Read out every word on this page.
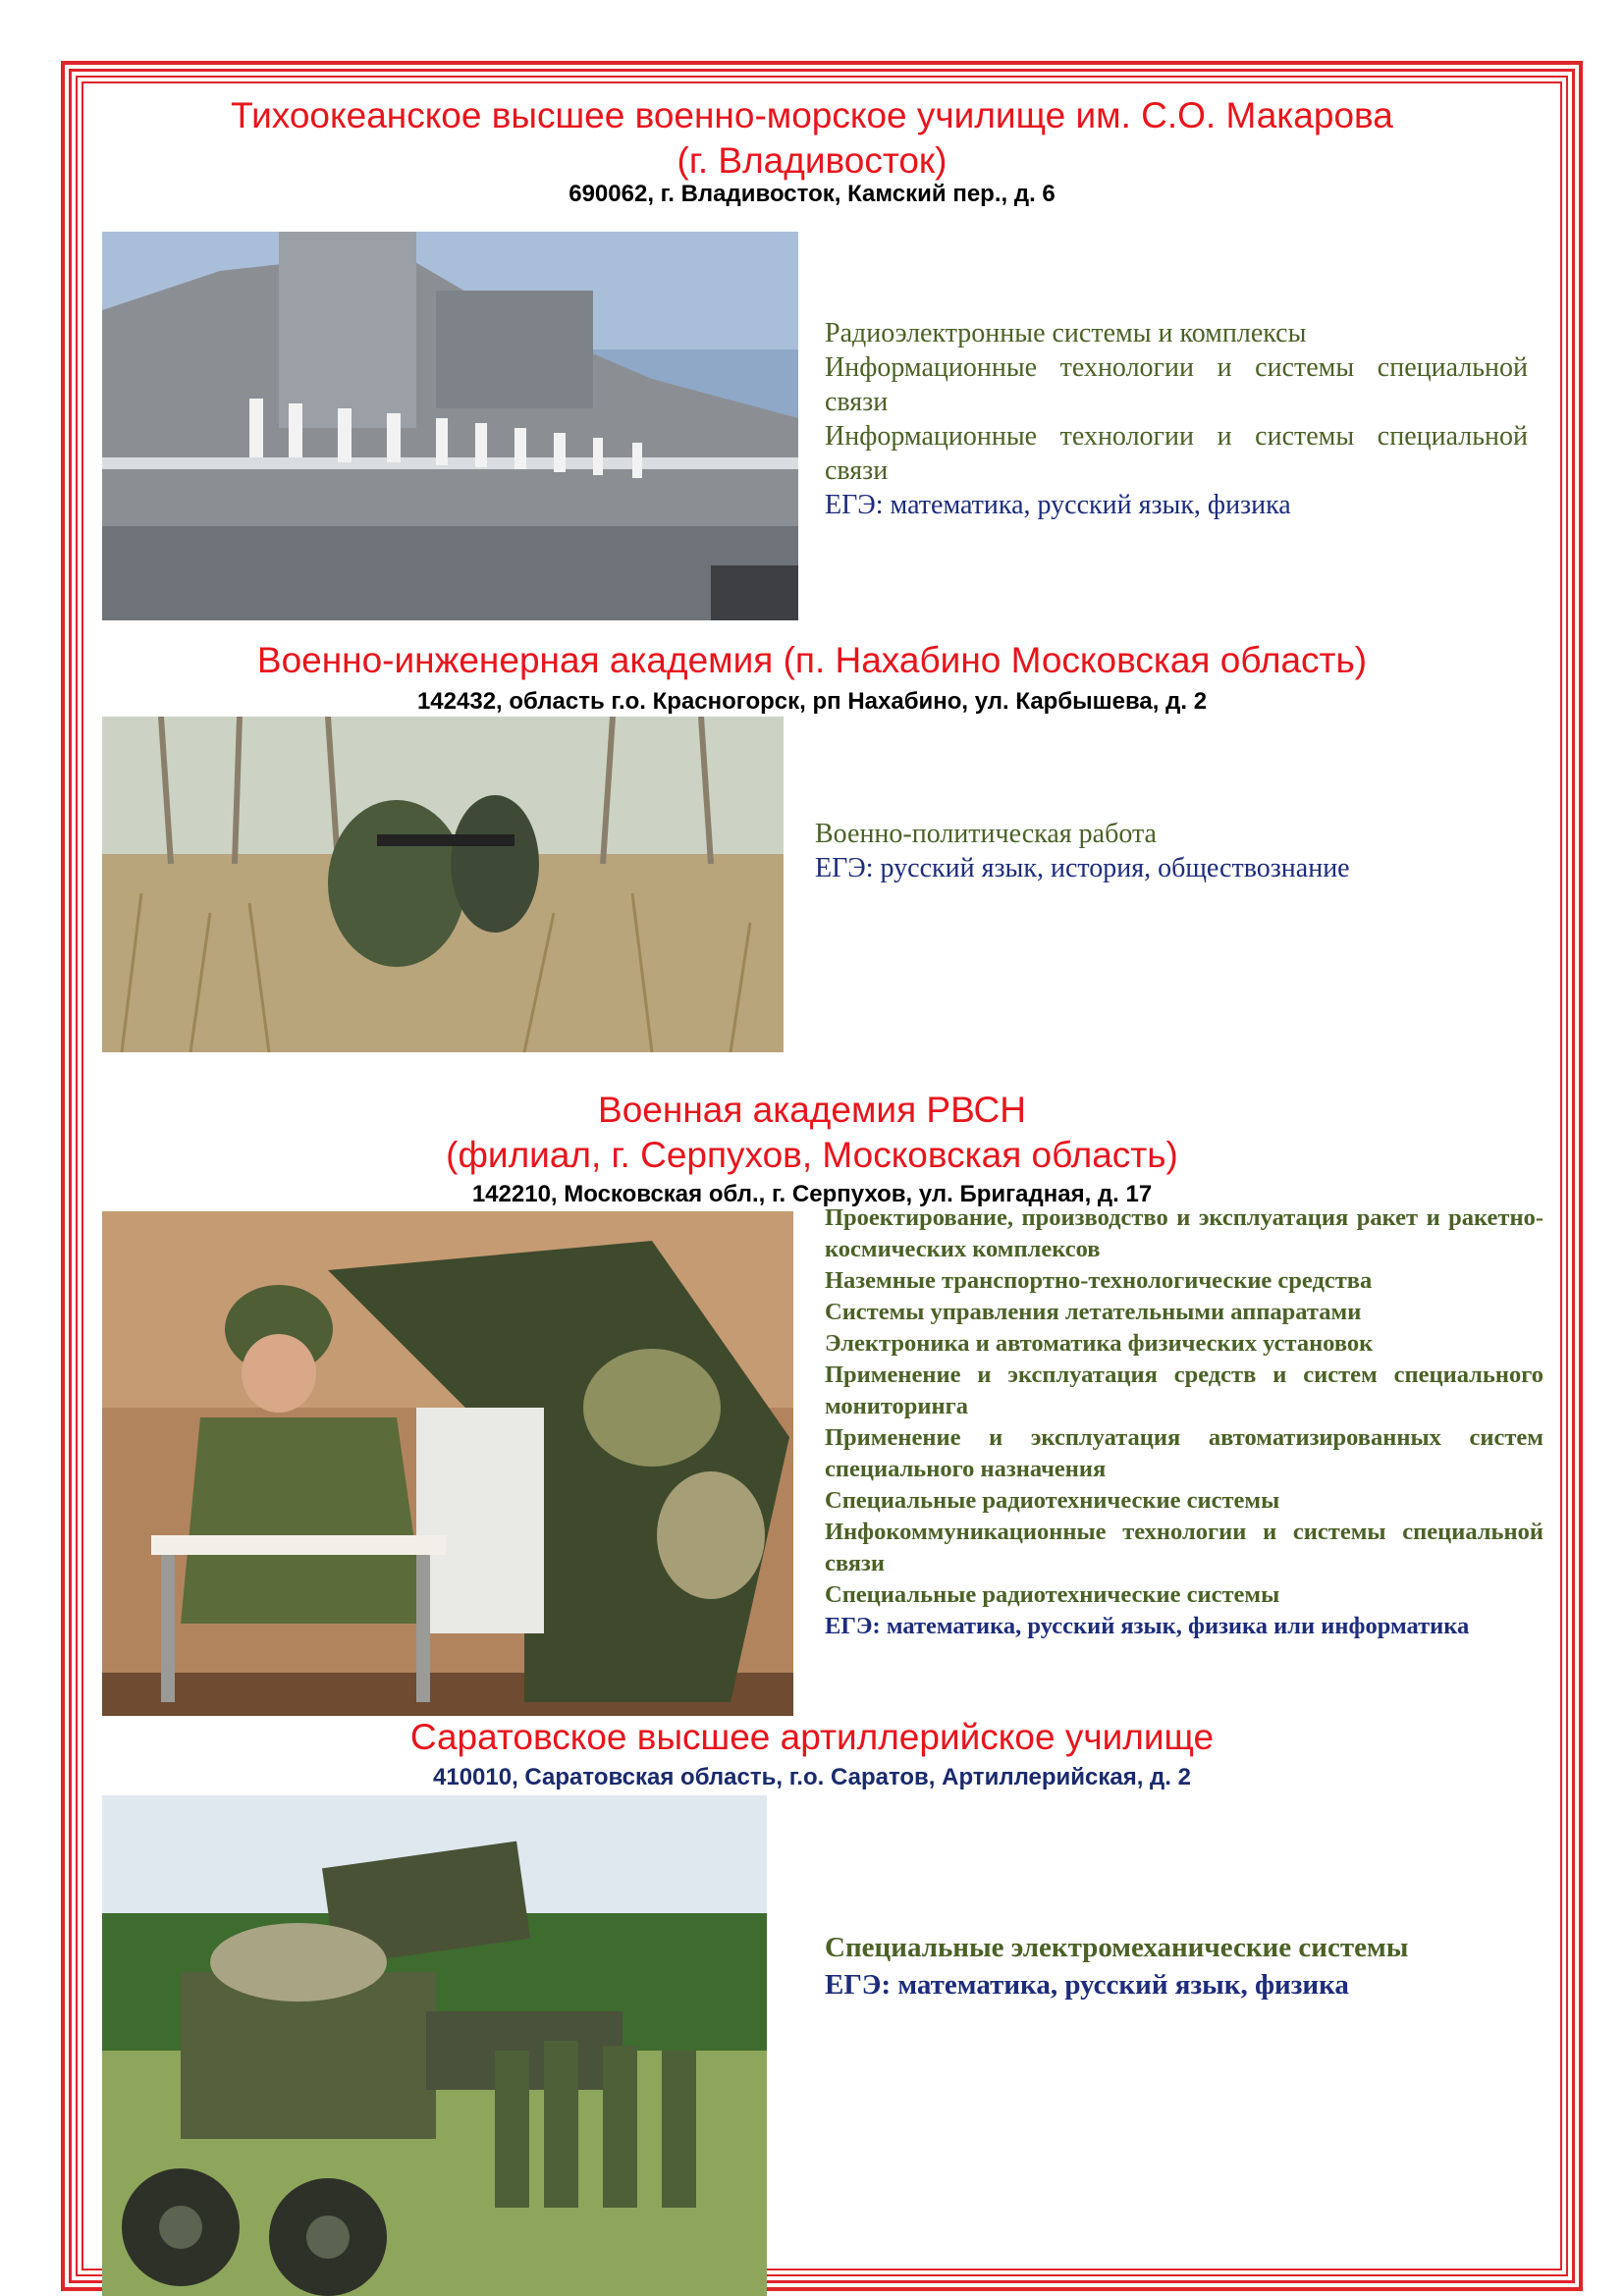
Тихоокеанское высшее военно-морское училище им. С.О. Макарова
(г. Владивосток)
690062, г. Владивосток, Камский пер., д. 6
Радиоэлектронные системы и комплексы
Информационные технологии и системы специальной связи
Информационные технологии и системы специальной связи
ЕГЭ: математика, русский язык, физика
Военно-инженерная академия (п. Нахабино Московская область)
142432, область г.о. Красногорск, рп Нахабино, ул. Карбышева, д. 2
Военно-политическая работа
ЕГЭ: русский язык, история, обществознание
Военная академия РВСН
(филиал, г. Серпухов, Московская область)
142210, Московская обл., г. Серпухов, ул. Бригадная, д. 17
Проектирование, производство и эксплуатация ракет и ракетно-космических комплексов
Наземные транспортно-технологические средства
Системы управления летательными аппаратами
Электроника и автоматика физических установок
Применение и эксплуатация средств и систем специального мониторинга
Применение и эксплуатация автоматизированных систем специального назначения
Специальные радиотехнические системы
Инфокоммуникационные технологии и системы специальной связи
Специальные радиотехнические системы
ЕГЭ: математика, русский язык, физика или информатика
Саратовское высшее артиллерийское училище
410010, Саратовская область, г.о. Саратов, Артиллерийская, д. 2
Специальные электромеханические системы
ЕГЭ: математика, русский язык, физика
